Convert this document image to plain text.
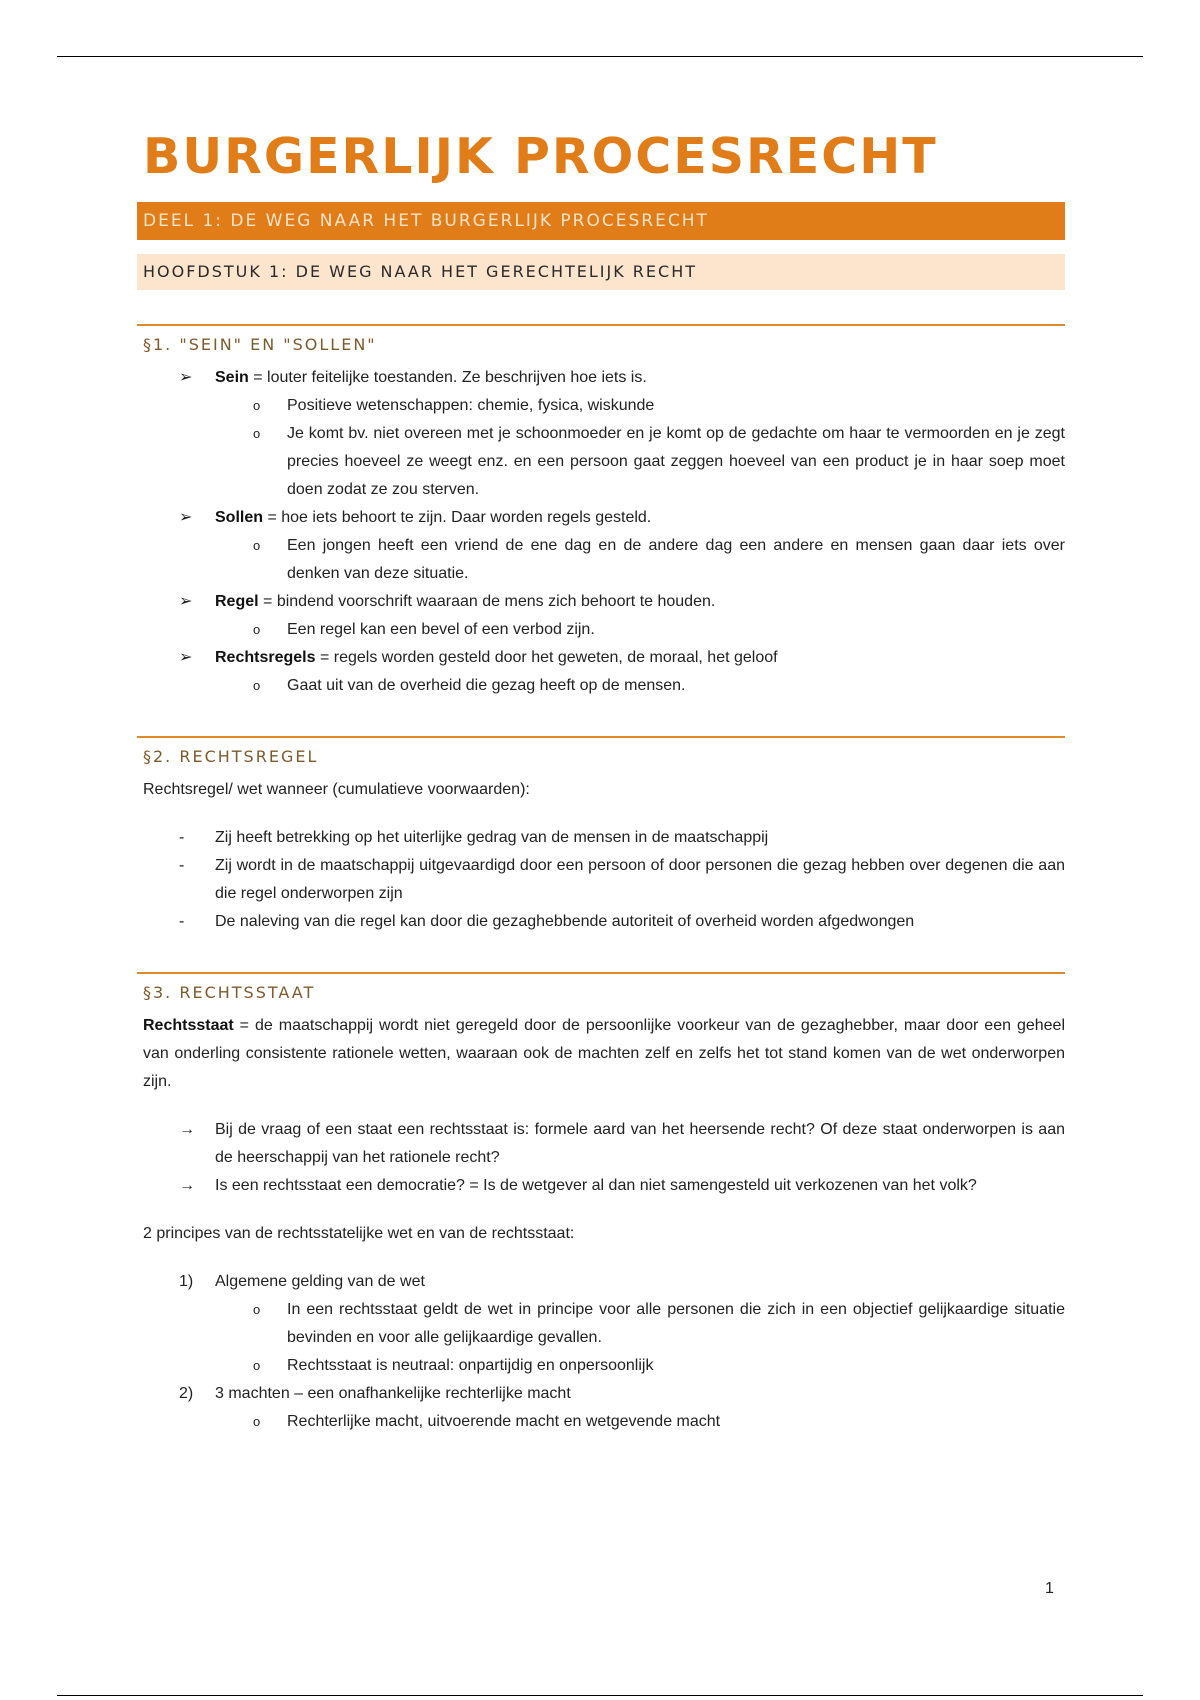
BURGERLIJK PROCESRECHT
DEEL 1: DE WEG NAAR HET BURGERLIJK PROCESRECHT
HOOFDSTUK 1: DE WEG NAAR HET GERECHTELIJK RECHT
§1. "SEIN" EN "SOLLEN"
➢ Sein = louter feitelijke toestanden. Ze beschrijven hoe iets is.
o Positieve wetenschappen: chemie, fysica, wiskunde
o Je komt bv. niet overeen met je schoonmoeder en je komt op de gedachte om haar te vermoorden en je zegt precies hoeveel ze weegt enz. en een persoon gaat zeggen hoeveel van een product je in haar soep moet doen zodat ze zou sterven.
➢ Sollen = hoe iets behoort te zijn. Daar worden regels gesteld.
o Een jongen heeft een vriend de ene dag en de andere dag een andere en mensen gaan daar iets over denken van deze situatie.
➢ Regel = bindend voorschrift waaraan de mens zich behoort te houden.
o Een regel kan een bevel of een verbod zijn.
➢ Rechtsregels = regels worden gesteld door het geweten, de moraal, het geloof
o Gaat uit van de overheid die gezag heeft op de mensen.
§2. RECHTSREGEL

Rechtsregel/ wet wanneer (cumulatieve voorwaarden):

- Zij heeft betrekking op het uiterlijke gedrag van de mensen in de maatschappij
- Zij wordt in de maatschappij uitgevaardigd door een persoon of door personen die gezag hebben over degenen die aan die regel onderworpen zijn
- De naleving van die regel kan door die gezaghebbende autoriteit of overheid worden afgedwongen
§3. RECHTSSTAAT

Rechtsstaat = de maatschappij wordt niet geregeld door de persoonlijke voorkeur van de gezaghebber, maar door een geheel van onderling consistente rationele wetten, waaraan ook de machten zelf en zelfs het tot stand komen van de wet onderworpen zijn.

→ Bij de vraag of een staat een rechtsstaat is: formele aard van het heersende recht? Of deze staat onderworpen is aan de heerschappij van het rationele recht?
→ Is een rechtsstaat een democratie? = Is de wetgever al dan niet samengesteld uit verkozenen van het volk?

2 principes van de rechtsstatelijke wet en van de rechtsstaat:

1) Algemene gelding van de wet
o In een rechtsstaat geldt de wet in principe voor alle personen die zich in een objectief gelijkaardige situatie bevinden en voor alle gelijkaardige gevallen.
o Rechtsstaat is neutraal: onpartijdig en onpersoonlijk
2) 3 machten – een onafhankelijke rechterlijke macht
o Rechterlijke macht, uitvoerende macht en wetgevende macht
1
